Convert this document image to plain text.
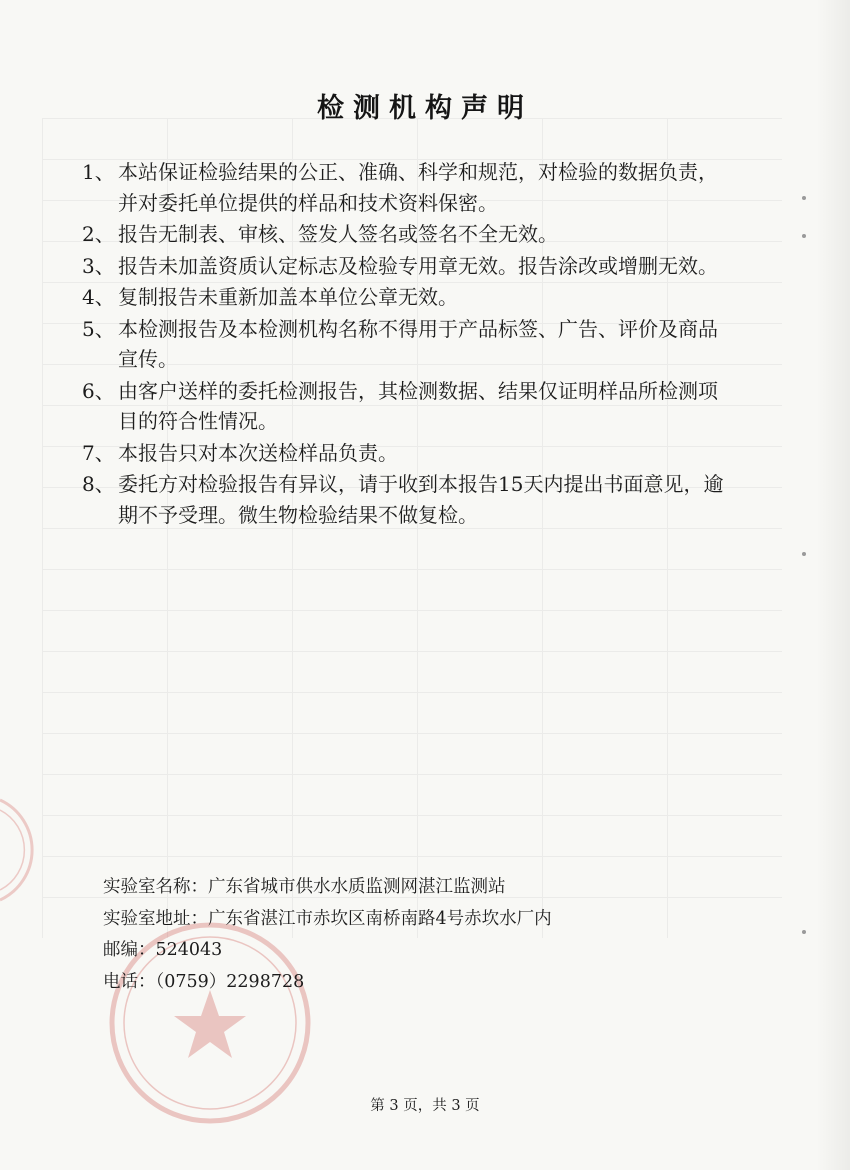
检测机构声明
1、 本站保证检验结果的公正、准确、科学和规范，对检验的数据负责，并对委托单位提供的样品和技术资料保密。
2、 报告无制表、审核、签发人签名或签名不全无效。
3、 报告未加盖资质认定标志及检验专用章无效。报告涂改或增删无效。
4、 复制报告未重新加盖本单位公章无效。
5、 本检测报告及本检测机构名称不得用于产品标签、广告、评价及商品宣传。
6、 由客户送样的委托检测报告，其检测数据、结果仅证明样品所检测项目的符合性情况。
7、 本报告只对本次送检样品负责。
8、 委托方对检验报告有异议，请于收到本报告15天内提出书面意见，逾期不予受理。微生物检验结果不做复检。
实验室名称：广东省城市供水水质监测网湛江监测站
实验室地址：广东省湛江市赤坎区南桥南路4号赤坎水厂内
邮编：524043
电话：（0759）2298728
第 3 页，共 3 页
